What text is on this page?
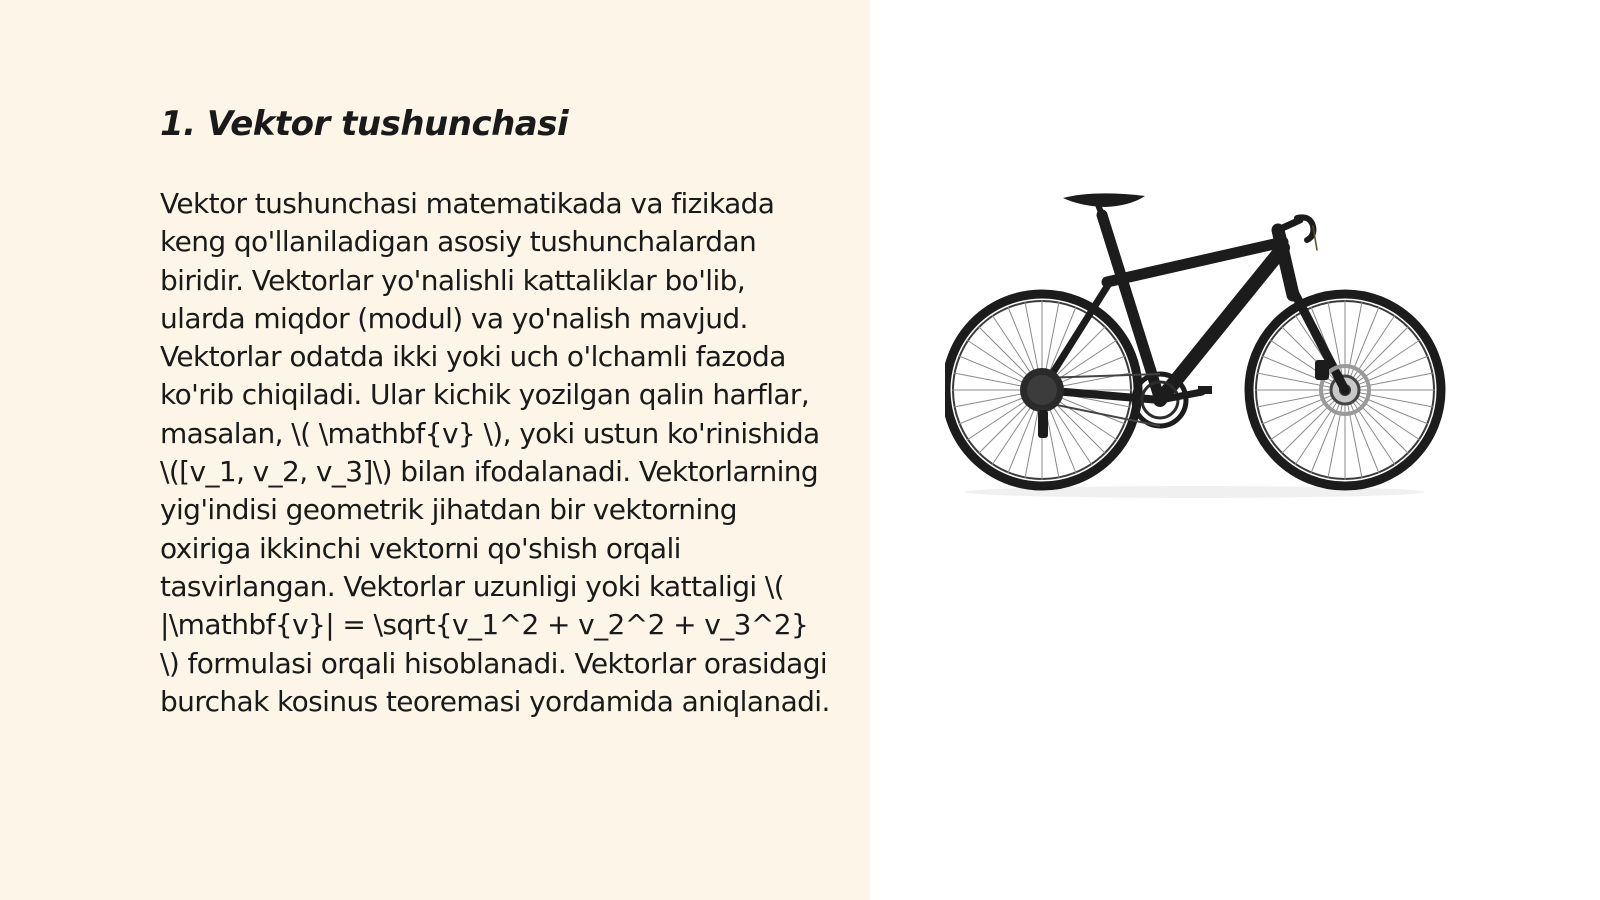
1. Vektor tushunchasi

Vektor tushunchasi matematikada va fizikada keng qo'llaniladigan asosiy tushunchalardan biridir. Vektorlar yo'nalishli kattaliklar bo'lib, ularda miqdor (modul) va yo'nalish mavjud. Vektorlar odatda ikki yoki uch o'lchamli fazoda ko'rib chiqiladi. Ular kichik yozilgan qalin harflar, masalan, \( \mathbf{v} \), yoki ustun ko'rinishida \([v_1, v_2, v_3]\) bilan ifodalanadi. Vektorlarning yig'indisi geometrik jihatdan bir vektorning oxiriga ikkinchi vektorni qo'shish orqali tasvirlangan. Vektorlar uzunligi yoki kattaligi \( |\mathbf{v}| = \sqrt{v_1^2 + v_2^2 + v_3^2} \) formulasi orqali hisoblanadi. Vektorlar orasidagi burchak kosinus teoremasi yordamida aniqlanadi.
